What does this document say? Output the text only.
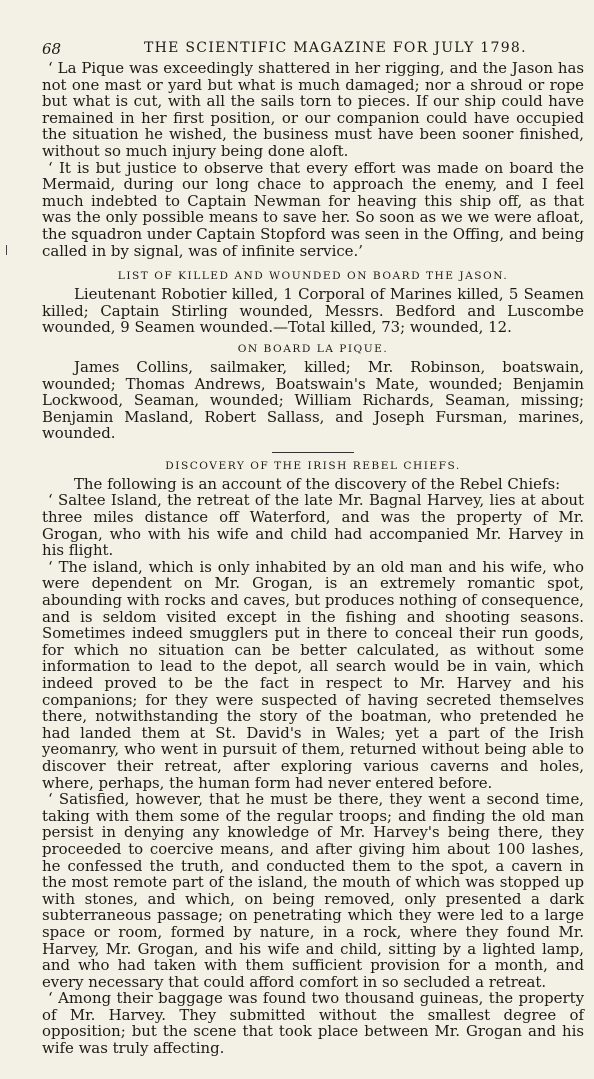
68	THE SCIENTIFIC MAGAZINE FOR JULY 1798.

‘ La Pique was exceedingly shattered in her rigging, and the Jason has not one mast or yard but what is much damaged; nor a shroud or rope but what is cut, with all the sails torn to pieces. If our ship could have remained in her first position, or our companion could have occupied the situation he wished, the business must have been sooner finished, without so much injury being done aloft.

‘ It is but justice to observe that every effort was made on board the Mermaid, during our long chace to approach the enemy, and I feel much indebted to Captain Newman for heaving this ship off, as that was the only possible means to save her. So soon as we we were afloat, the squadron under Captain Stopford was seen in the Offing, and being called in by signal, was of infinite service.’

LIST OF KILLED AND WOUNDED ON BOARD THE JASON.

Lieutenant Robotier killed, 1 Corporal of Marines killed, 5 Seamen killed; Captain Stirling wounded, Messrs. Bedford and Luscombe wounded, 9 Seamen wounded.—Total killed, 73; wounded, 12.

ON BOARD LA PIQUE.

James Collins, sailmaker, killed; Mr. Robinson, boatswain, wounded; Thomas Andrews, Boatswain's Mate, wounded; Benjamin Lockwood, Seaman, wounded; William Richards, Seaman, missing; Benjamin Masland, Robert Sallass, and Joseph Fursman, marines, wounded.

DISCOVERY OF THE IRISH REBEL CHIEFS.

The following is an account of the discovery of the Rebel Chiefs:

‘ Saltee Island, the retreat of the late Mr. Bagnal Harvey, lies at about three miles distance off Waterford, and was the property of Mr. Grogan, who with his wife and child had accompanied Mr. Harvey in his flight.

‘ The island, which is only inhabited by an old man and his wife, who were dependent on Mr. Grogan, is an extremely romantic spot, abounding with rocks and caves, but produces nothing of consequence, and is seldom visited except in the fishing and shooting seasons. Sometimes indeed smugglers put in there to conceal their run goods, for which no situation can be better calculated, as without some information to lead to the depot, all search would be in vain, which indeed proved to be the fact in respect to Mr. Harvey and his companions; for they were suspected of having secreted themselves there, notwithstanding the story of the boatman, who pretended he had landed them at St. David's in Wales; yet a part of the Irish yeomanry, who went in pursuit of them, returned without being able to discover their retreat, after exploring various caverns and holes, where, perhaps, the human form had never entered before.

‘ Satisfied, however, that he must be there, they went a second time, taking with them some of the regular troops; and finding the old man persist in denying any knowledge of Mr. Harvey's being there, they proceeded to coercive means, and after giving him about 100 lashes, he confessed the truth, and conducted them to the spot, a cavern in the most remote part of the island, the mouth of which was stopped up with stones, and which, on being removed, only presented a dark subterraneous passage; on penetrating which they were led to a large space or room, formed by nature, in a rock, where they found Mr. Harvey, Mr. Grogan, and his wife and child, sitting by a lighted lamp, and who had taken with them sufficient provision for a month, and every necessary that could afford comfort in so secluded a retreat.

‘ Among their baggage was found two thousand guineas, the property of Mr. Harvey. They submitted without the smallest degree of opposition; but the scene that took place between Mr. Grogan and his wife was truly affecting.
